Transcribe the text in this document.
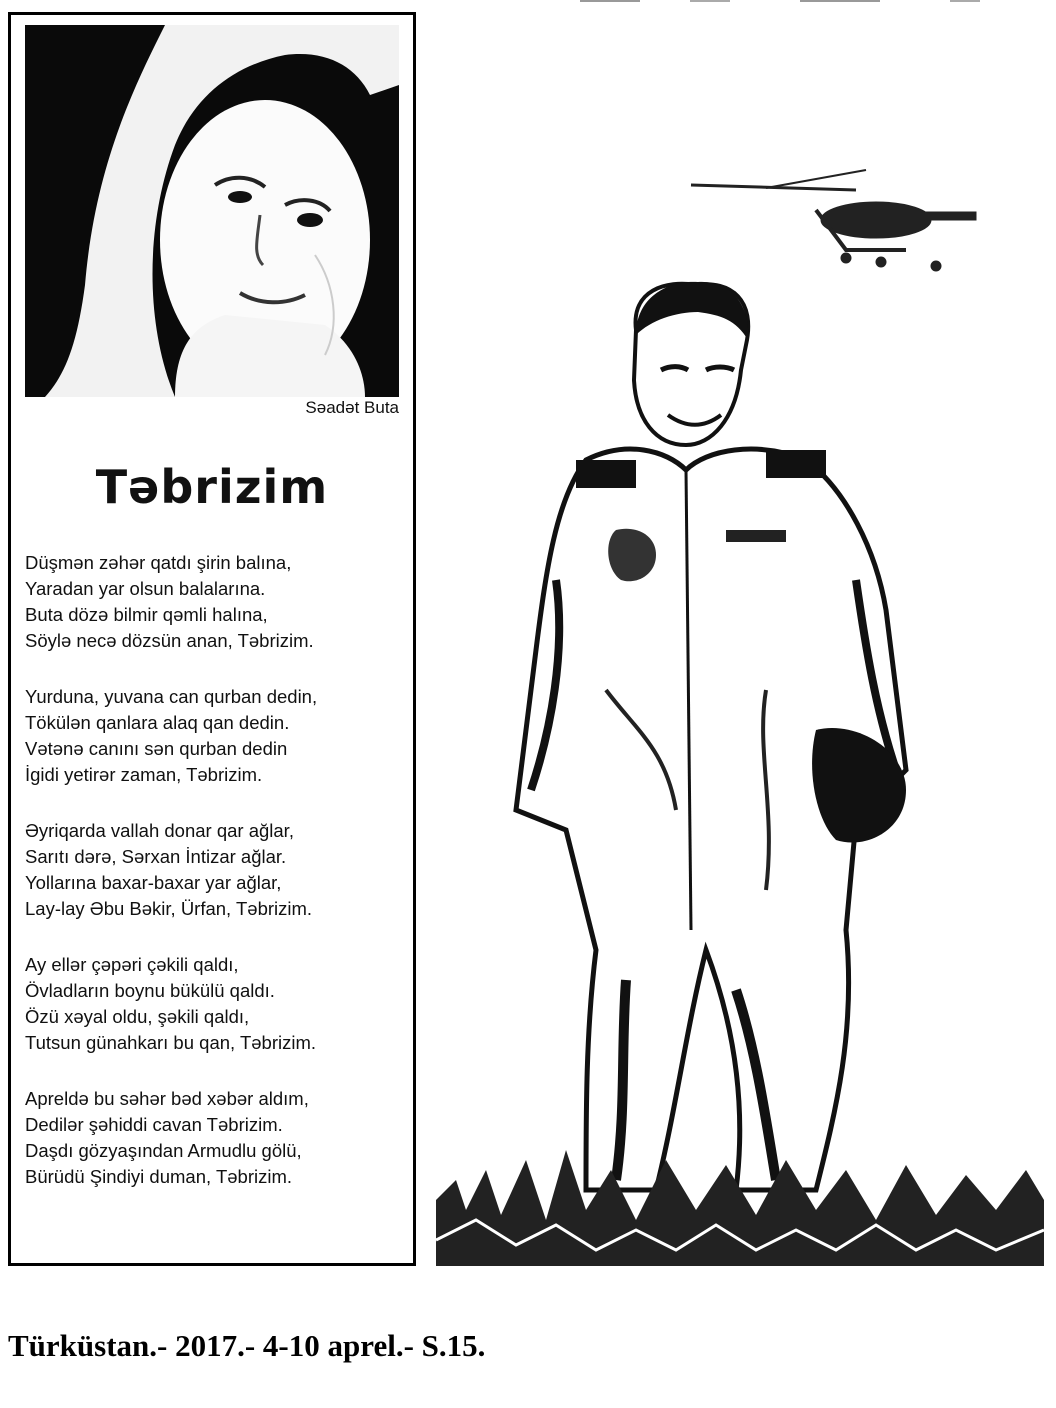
Səadət Buta
Təbrizim
Düşmən zəhər qatdı şirin balına,
Yaradan yar olsun balalarına.
Buta dözə bilmir qəmli halına,
Söylə necə dözsün anan, Təbrizim.
Yurduna, yuvana can qurban dedin,
Tökülən qanlara alaq qan dedin.
Vətənə canını sən qurban dedin
İgidi yetirər zaman, Təbrizim.
Əyriqarda vallah donar qar ağlar,
Sarıtı dərə, Sərxan İntizar ağlar.
Yollarına baxar-baxar yar ağlar,
Lay-lay Əbu Bəkir, Ürfan, Təbrizim.
Ay ellər çəpəri çəkili qaldı,
Övladların boynu bükülü qaldı.
Özü xəyal oldu, şəkili qaldı,
Tutsun günahkarı bu qan, Təbrizim.
Apreldə bu səhər bəd xəbər aldım,
Dedilər şəhiddi cavan Təbrizim.
Daşdı gözyaşından Armudlu gölü,
Bürüdü Şindiyi duman, Təbrizim.
Türküstan.- 2017.- 4-10 aprel.- S.15.
